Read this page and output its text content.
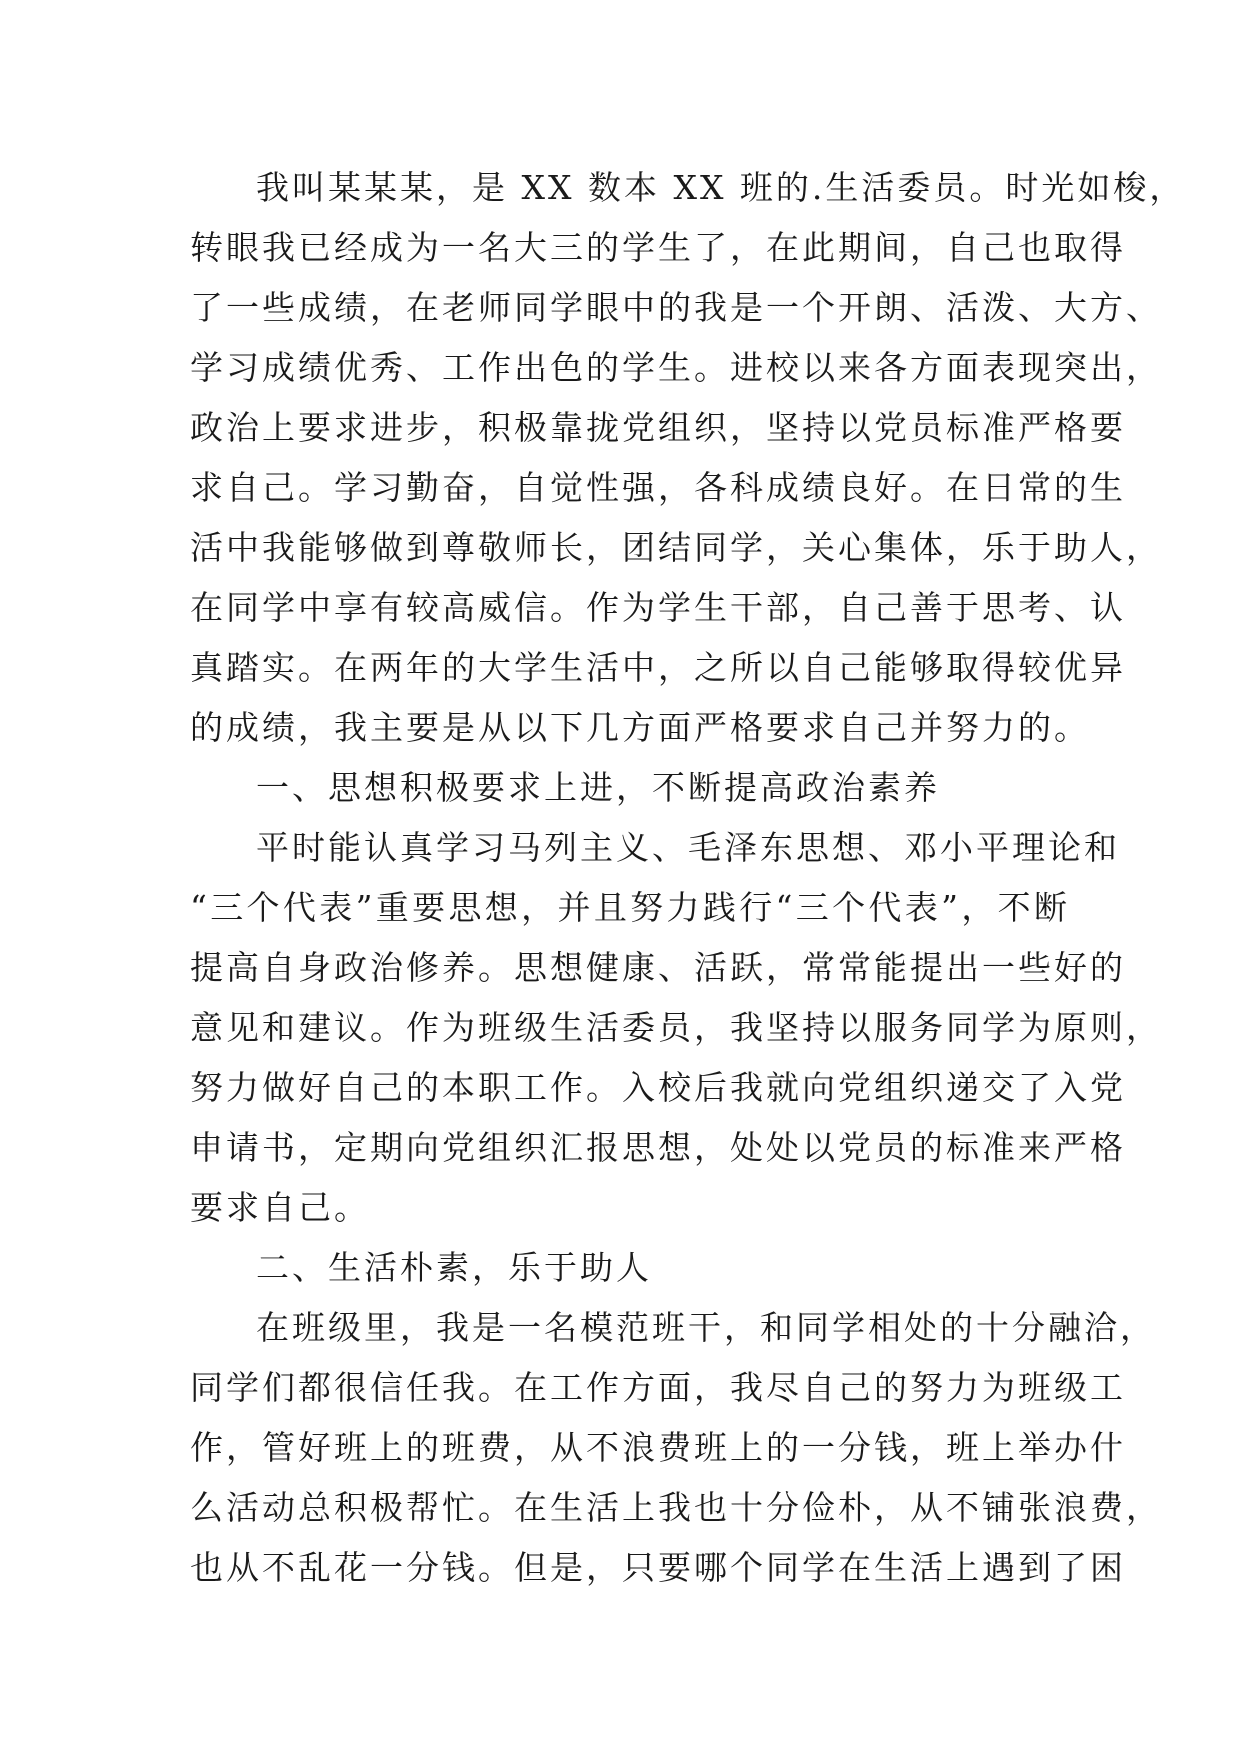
我叫某某某，是 XX 数本 XX 班的.生活委员。时光如梭，
转眼我已经成为一名大三的学生了，在此期间，自己也取得
了一些成绩，在老师同学眼中的我是一个开朗、活泼、大方、
学习成绩优秀、工作出色的学生。进校以来各方面表现突出，
政治上要求进步，积极靠拢党组织，坚持以党员标准严格要
求自己。学习勤奋，自觉性强，各科成绩良好。在日常的生
活中我能够做到尊敬师长，团结同学，关心集体，乐于助人，
在同学中享有较高威信。作为学生干部，自己善于思考、认
真踏实。在两年的大学生活中，之所以自己能够取得较优异
的成绩，我主要是从以下几方面严格要求自己并努力的。
一、思想积极要求上进，不断提高政治素养
平时能认真学习马列主义、毛泽东思想、邓小平理论和
“三个代表”重要思想，并且努力践行“三个代表”，不断
提高自身政治修养。思想健康、活跃，常常能提出一些好的
意见和建议。作为班级生活委员，我坚持以服务同学为原则，
努力做好自己的本职工作。入校后我就向党组织递交了入党
申请书，定期向党组织汇报思想，处处以党员的标准来严格
要求自己。
二、生活朴素，乐于助人
在班级里，我是一名模范班干，和同学相处的十分融洽，
同学们都很信任我。在工作方面，我尽自己的努力为班级工
作，管好班上的班费，从不浪费班上的一分钱，班上举办什
么活动总积极帮忙。在生活上我也十分俭朴，从不铺张浪费，
也从不乱花一分钱。但是，只要哪个同学在生活上遇到了困
